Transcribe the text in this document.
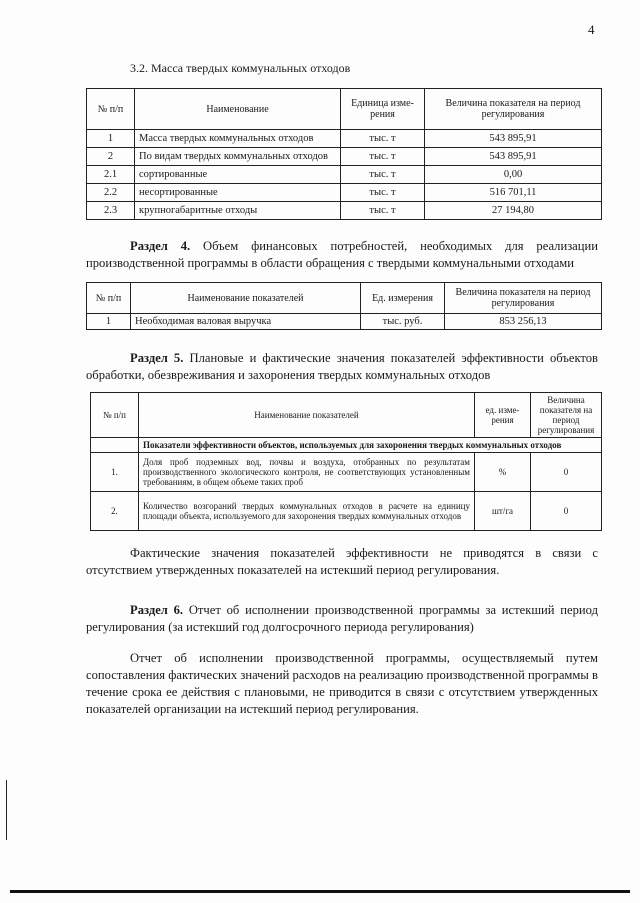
4
3.2. Масса твердых коммунальных отходов
№ п/п	Наименование	Единица изме-рения	Величина показателя на период регулирования
1	Масса твердых коммунальных отходов	тыс. т	543 895,91
2	По видам твердых коммунальных отходов	тыс. т	543 895,91
2.1	сортированные	тыс. т	0,00
2.2	несортированные	тыс. т	516 701,11
2.3	крупногабаритные отходы	тыс. т	27 194,80
Раздел 4. Объем финансовых потребностей, необходимых для реализации производственной программы в области обращения с твердыми коммунальными отходами
№ п/п	Наименование показателей	Ед. измерения	Величина показателя на период регулирования
1	Необходимая валовая выручка	тыс. руб.	853 256,13
Раздел 5. Плановые и фактические значения показателей эффективности объектов обработки, обезвреживания и захоронения твердых коммунальных отходов
№ п/п	Наименование показателей	ед. изме-рения	Величина показателя на период регулирования
	Показатели эффективности объектов, используемых для захоронения твердых коммунальных отходов		
1.	Доля проб подземных вод, почвы и воздуха, отобранных по результатам производственного экологического контроля, не соответствующих установленным требованиям, в общем объеме таких проб	%	0
2.	Количество возгораний твердых коммунальных отходов в расчете на единицу площади объекта, используемого для захоронения твердых коммунальных отходов	шт/га	0
Фактические значения показателей эффективности не приводятся в связи с отсутствием утвержденных показателей на истекший период регулирования.
Раздел 6. Отчет об исполнении производственной программы за истекший период регулирования (за истекший год долгосрочного периода регулирования)
Отчет об исполнении производственной программы, осуществляемый путем сопоставления фактических значений расходов на реализацию производственной программы в течение срока ее действия с плановыми, не приводится в связи с отсутствием утвержденных показателей организации на истекший период регулирования.
